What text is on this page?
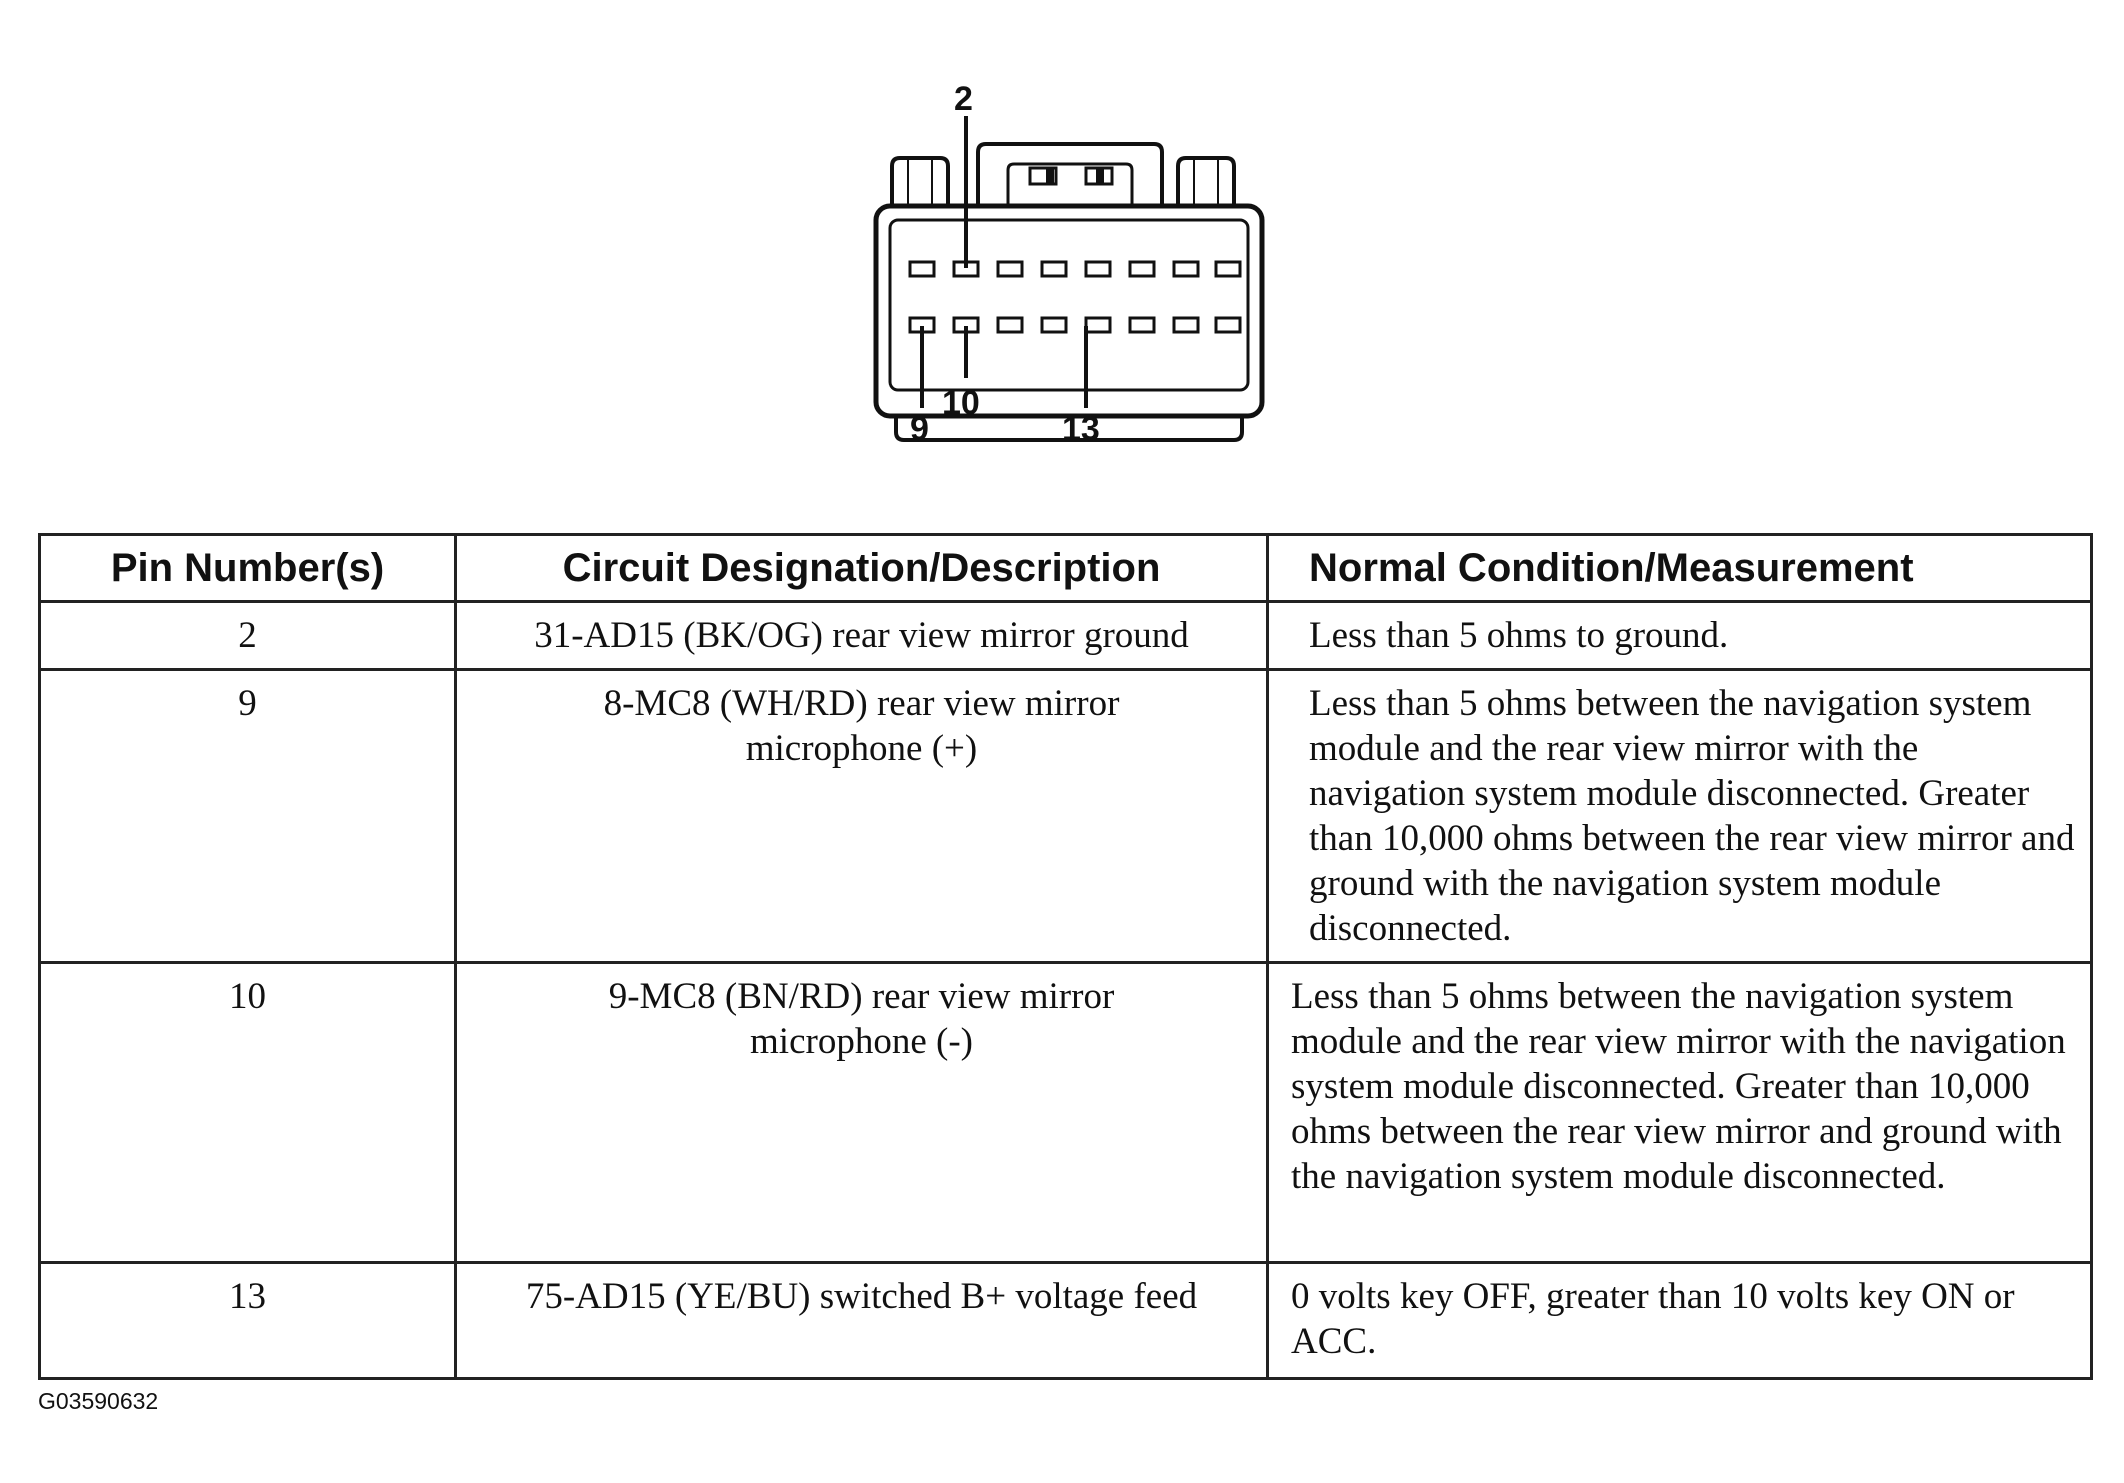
2
9
10
13
Pin Number(s)	Circuit Designation/Description	Normal Condition/Measurement
2	31-AD15 (BK/OG) rear view mirror ground	Less than 5 ohms to ground.
9	8-MC8 (WH/RD) rear view mirror microphone (+)	Less than 5 ohms between the navigation system module and the rear view mirror with the navigation system module disconnected. Greater than 10,000 ohms between the rear view mirror and ground with the navigation system module disconnected.
10	9-MC8 (BN/RD) rear view mirror microphone (-)	Less than 5 ohms between the navigation system module and the rear view mirror with the navigation system module disconnected. Greater than 10,000 ohms between the rear view mirror and ground with the navigation system module disconnected.
13	75-AD15 (YE/BU) switched B+ voltage feed	0 volts key OFF, greater than 10 volts key ON or ACC.
G03590632
